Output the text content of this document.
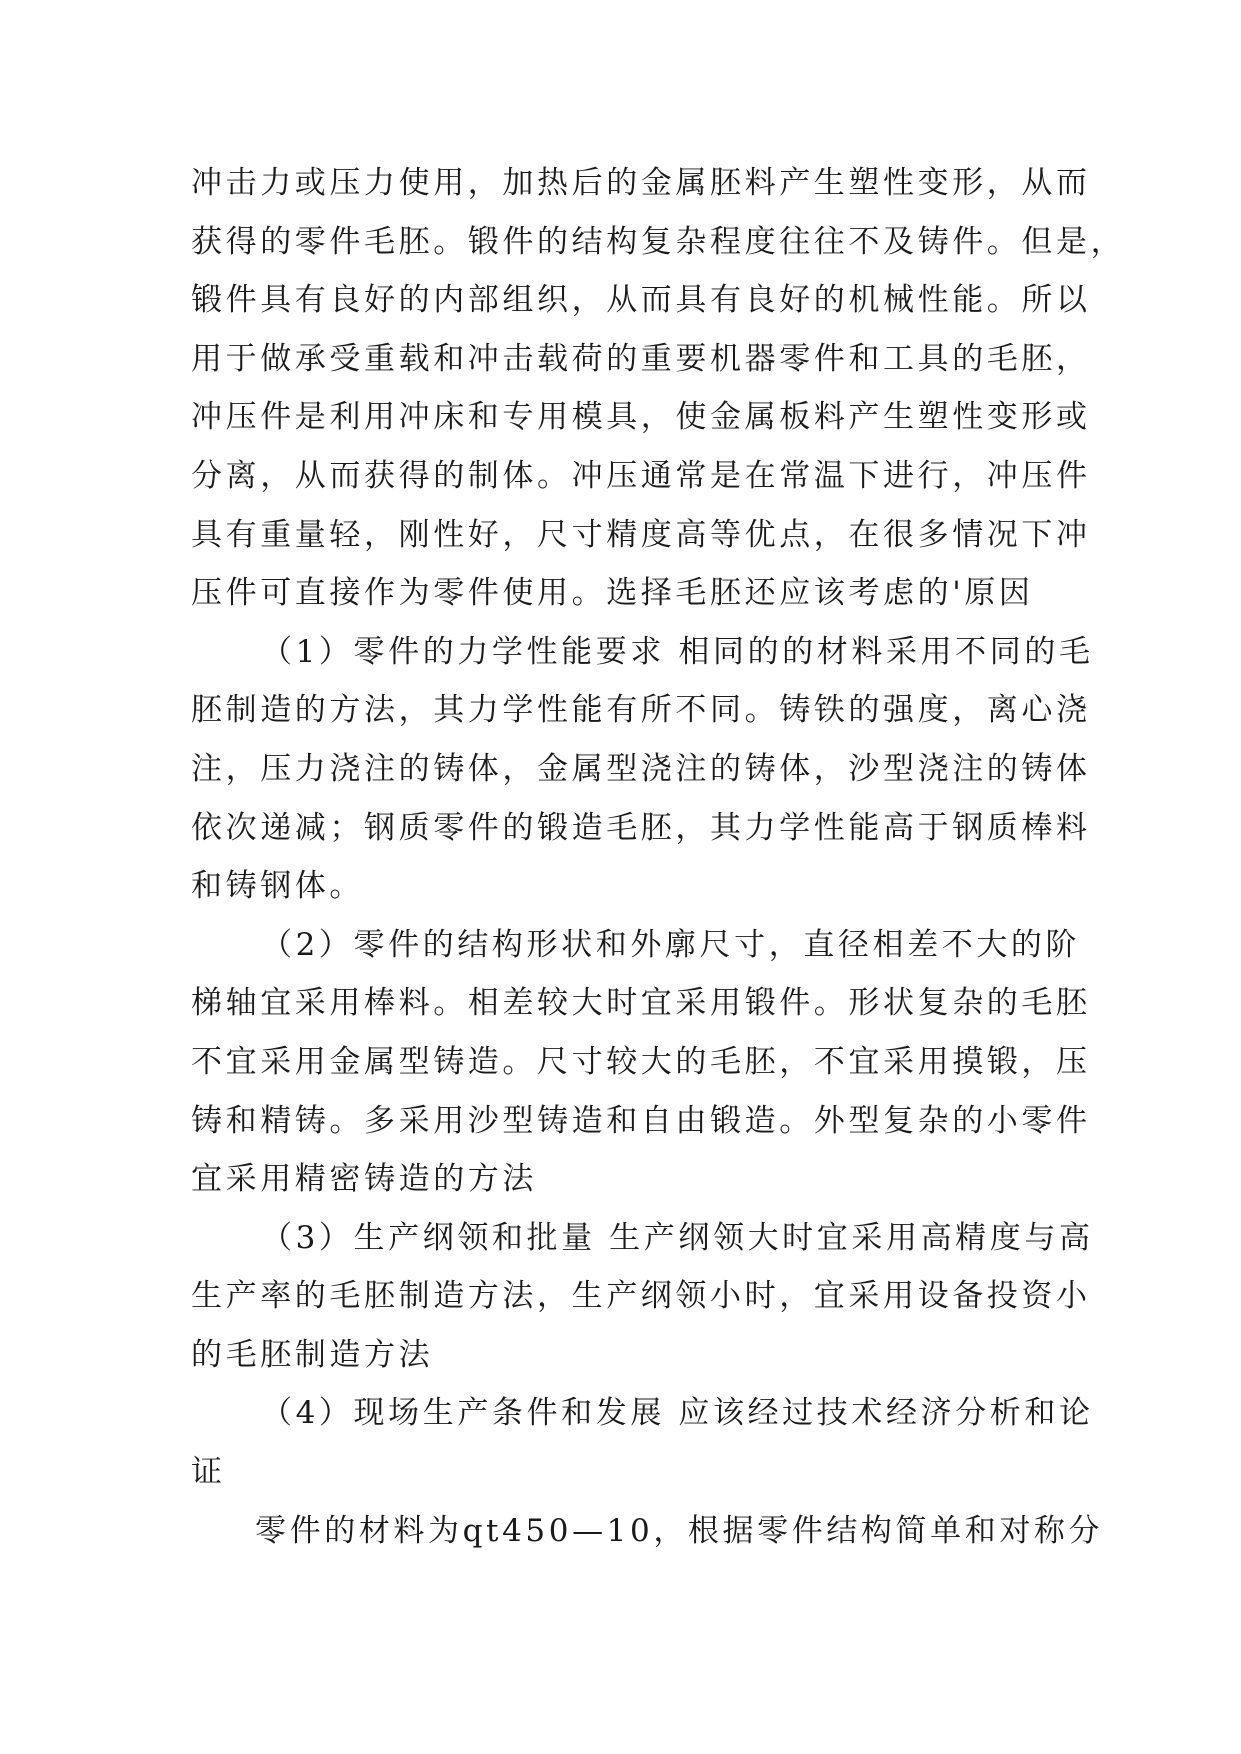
冲击力或压力使用，加热后的金属胚料产生塑性变形，从而
获得的零件毛胚。锻件的结构复杂程度往往不及铸件。但是，
锻件具有良好的内部组织，从而具有良好的机械性能。所以
用于做承受重载和冲击载荷的重要机器零件和工具的毛胚，
冲压件是利用冲床和专用模具，使金属板料产生塑性变形或
分离，从而获得的制体。冲压通常是在常温下进行，冲压件
具有重量轻，刚性好，尺寸精度高等优点，在很多情况下冲
压件可直接作为零件使用。选择毛胚还应该考虑的'原因
（1）零件的力学性能要求 相同的的材料采用不同的毛
胚制造的方法，其力学性能有所不同。铸铁的强度，离心浇
注，压力浇注的铸体，金属型浇注的铸体，沙型浇注的铸体
依次递减；钢质零件的锻造毛胚，其力学性能高于钢质棒料
和铸钢体。
（2）零件的结构形状和外廓尺寸，直径相差不大的阶
梯轴宜采用棒料。相差较大时宜采用锻件。形状复杂的毛胚
不宜采用金属型铸造。尺寸较大的毛胚，不宜采用摸锻，压
铸和精铸。多采用沙型铸造和自由锻造。外型复杂的小零件
宜采用精密铸造的方法
（3）生产纲领和批量 生产纲领大时宜采用高精度与高
生产率的毛胚制造方法，生产纲领小时，宜采用设备投资小
的毛胚制造方法
（4）现场生产条件和发展 应该经过技术经济分析和论
证
零件的材料为qt450—10，根据零件结构简单和对称分
